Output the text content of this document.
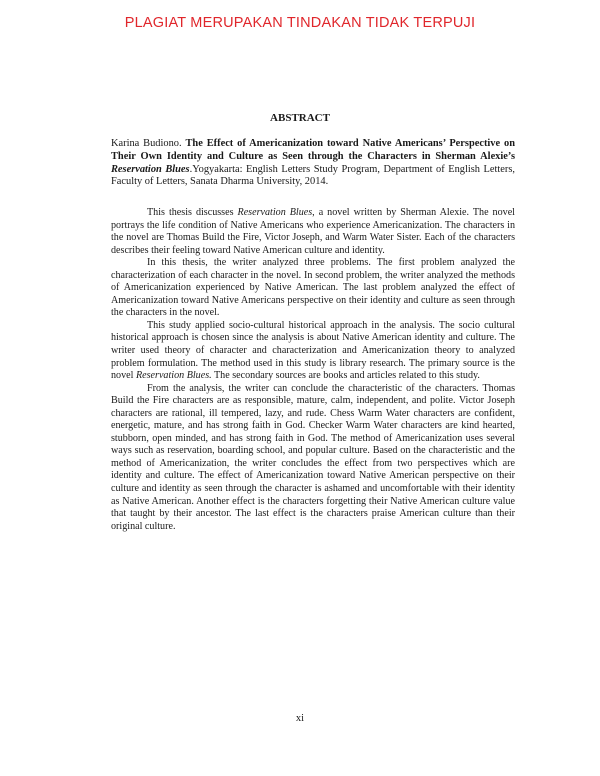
PLAGIAT MERUPAKAN TINDAKAN TIDAK TERPUJI
ABSTRACT
Karina Budiono. The Effect of Americanization toward Native Americans’ Perspective on Their Own Identity and Culture as Seen through the Characters in Sherman Alexie’s Reservation Blues.Yogyakarta: English Letters Study Program, Department of English Letters, Faculty of Letters, Sanata Dharma University, 2014.

This thesis discusses Reservation Blues, a novel written by Sherman Alexie. The novel portrays the life condition of Native Americans who experience Americanization. The characters in the novel are Thomas Build the Fire, Victor Joseph, and Warm Water Sister. Each of the characters describes their feeling toward Native American culture and identity.

In this thesis, the writer analyzed three problems. The first problem analyzed the characterization of each character in the novel. In second problem, the writer analyzed the methods of Americanization experienced by Native American. The last problem analyzed the effect of Americanization toward Native Americans perspective on their identity and culture as seen through the characters in the novel.

This study applied socio-cultural historical approach in the analysis. The socio cultural historical approach is chosen since the analysis is about Native American identity and culture. The writer used theory of character and characterization and Americanization theory to analyzed problem formulation. The method used in this study is library research. The primary source is the novel Reservation Blues. The secondary sources are books and articles related to this study.

From the analysis, the writer can conclude the characteristic of the characters. Thomas Build the Fire characters are as responsible, mature, calm, independent, and polite. Victor Joseph characters are rational, ill tempered, lazy, and rude. Chess Warm Water characters are confident, energetic, mature, and has strong faith in God. Checker Warm Water characters are kind hearted, stubborn, open minded, and has strong faith in God. The method of Americanization uses several ways such as reservation, boarding school, and popular culture. Based on the characteristic and the method of Americanization, the writer concludes the effect from two perspectives which are identity and culture. The effect of Americanization toward Native American perspective on their culture and identity as seen through the character is ashamed and uncomfortable with their identity as Native American. Another effect is the characters forgetting their Native American culture value that taught by their ancestor. The last effect is the characters praise American culture than their original culture.

xi
